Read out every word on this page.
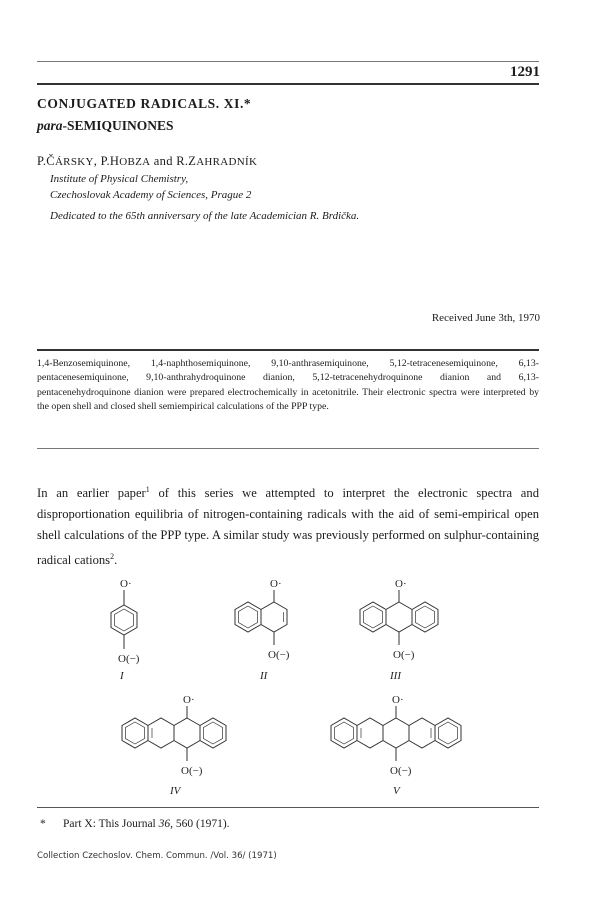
1291
CONJUGATED RADICALS. XI.*
para-SEMIQUINONES
P.ČÁRSKY, P.HOBZA and R.ZAHRADNÍK
Institute of Physical Chemistry,
Czechoslovak Academy of Sciences, Prague 2
Dedicated to the 65th anniversary of the late Academician R. Brdička.
Received June 3th, 1970
1,4-Benzosemiquinone, 1,4-naphthosemiquinone, 9,10-anthrasemiquinone, 5,12-tetracenesemiquinone, 6,13-pentacenesemiquinone, 9,10-anthrahydroquinone dianion, 5,12-tetracenehydroquinone dianion and 6,13-pentacenehydroquinone dianion were prepared electrochemically in acetonitrile. Their electronic spectra were interpreted by the open shell and closed shell semiempirical calculations of the PPP type.
In an earlier paper$^1$ of this series we attempted to interpret the electronic spectra and disproportionation equilibria of nitrogen-containing radicals with the aid of semi-empirical open shell calculations of the PPP type. A similar study was previously performed on sulphur-containing radical cations$^2$.
O·
O(−)
I
O·
O(−)
II
O·
O(−)
III
O·
O(−)
IV
O·
O(−)
V
* Part X: This Journal 36, 560 (1971).
Collection Czechoslov. Chem. Commun. /Vol. 36/ (1971)
